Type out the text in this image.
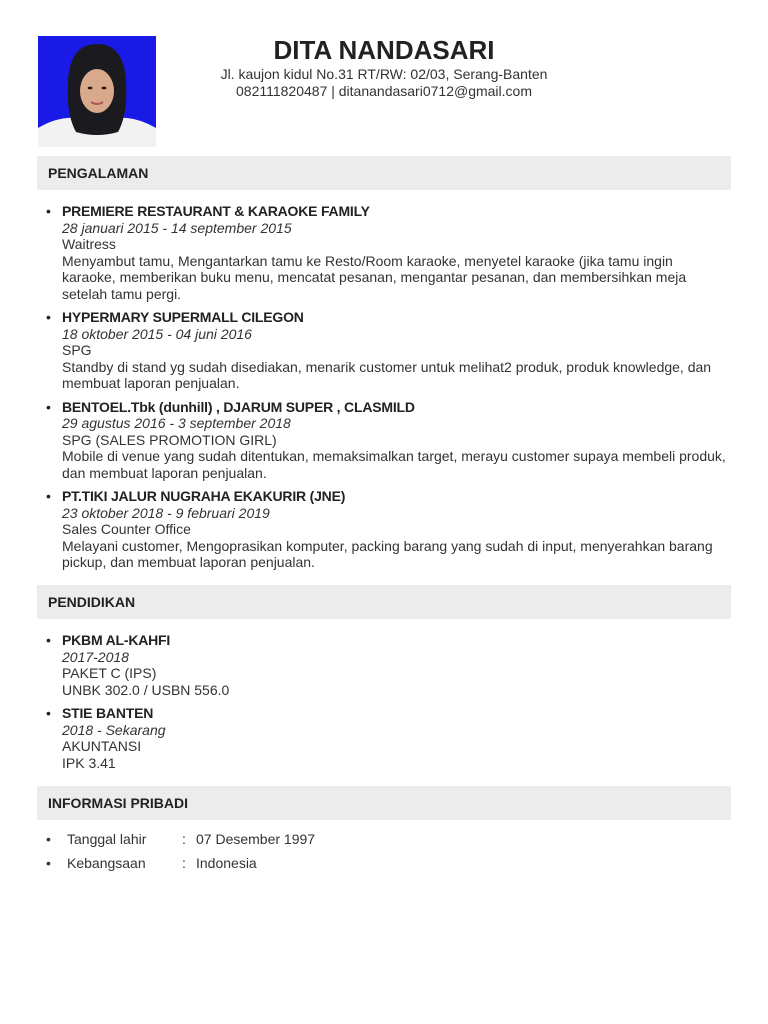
DITA NANDASARI
Jl. kaujon kidul No.31 RT/RW: 02/03, Serang-Banten
082111820487 | ditanandasari0712@gmail.com
PENGALAMAN
• PREMIERE RESTAURANT & KARAOKE FAMILY
28 januari 2015 - 14 september 2015
Waitress
Menyambut tamu, Mengantarkan tamu ke Resto/Room karaoke, menyetel karaoke (jika tamu ingin karaoke, memberikan buku menu, mencatat pesanan, mengantar pesanan, dan membersihkan meja setelah tamu pergi.
• HYPERMARY SUPERMALL CILEGON
18 oktober 2015 - 04 juni 2016
SPG
Standby di stand yg sudah disediakan, menarik customer untuk melihat2 produk, produk knowledge, dan membuat laporan penjualan.
• BENTOEL.Tbk (dunhill) , DJARUM SUPER , CLASMILD
29 agustus 2016 - 3 september 2018
SPG (SALES PROMOTION GIRL)
Mobile di venue yang sudah ditentukan, memaksimalkan target, merayu customer supaya membeli produk, dan membuat laporan penjualan.
• PT.TIKI JALUR NUGRAHA EKAKURIR (JNE)
23 oktober 2018 - 9 februari 2019
Sales Counter Office
Melayani customer, Mengoprasikan komputer, packing barang yang sudah di input, menyerahkan barang pickup, dan membuat laporan penjualan.
PENDIDIKAN
• PKBM AL-KAHFI
2017-2018
PAKET C (IPS)
UNBK 302.0 / USBN 556.0
• STIE BANTEN
2018 - Sekarang
AKUNTANSI
IPK 3.41
INFORMASI PRIBADI
• Tanggal lahir	: 07 Desember 1997
• Kebangsaan	: Indonesia
